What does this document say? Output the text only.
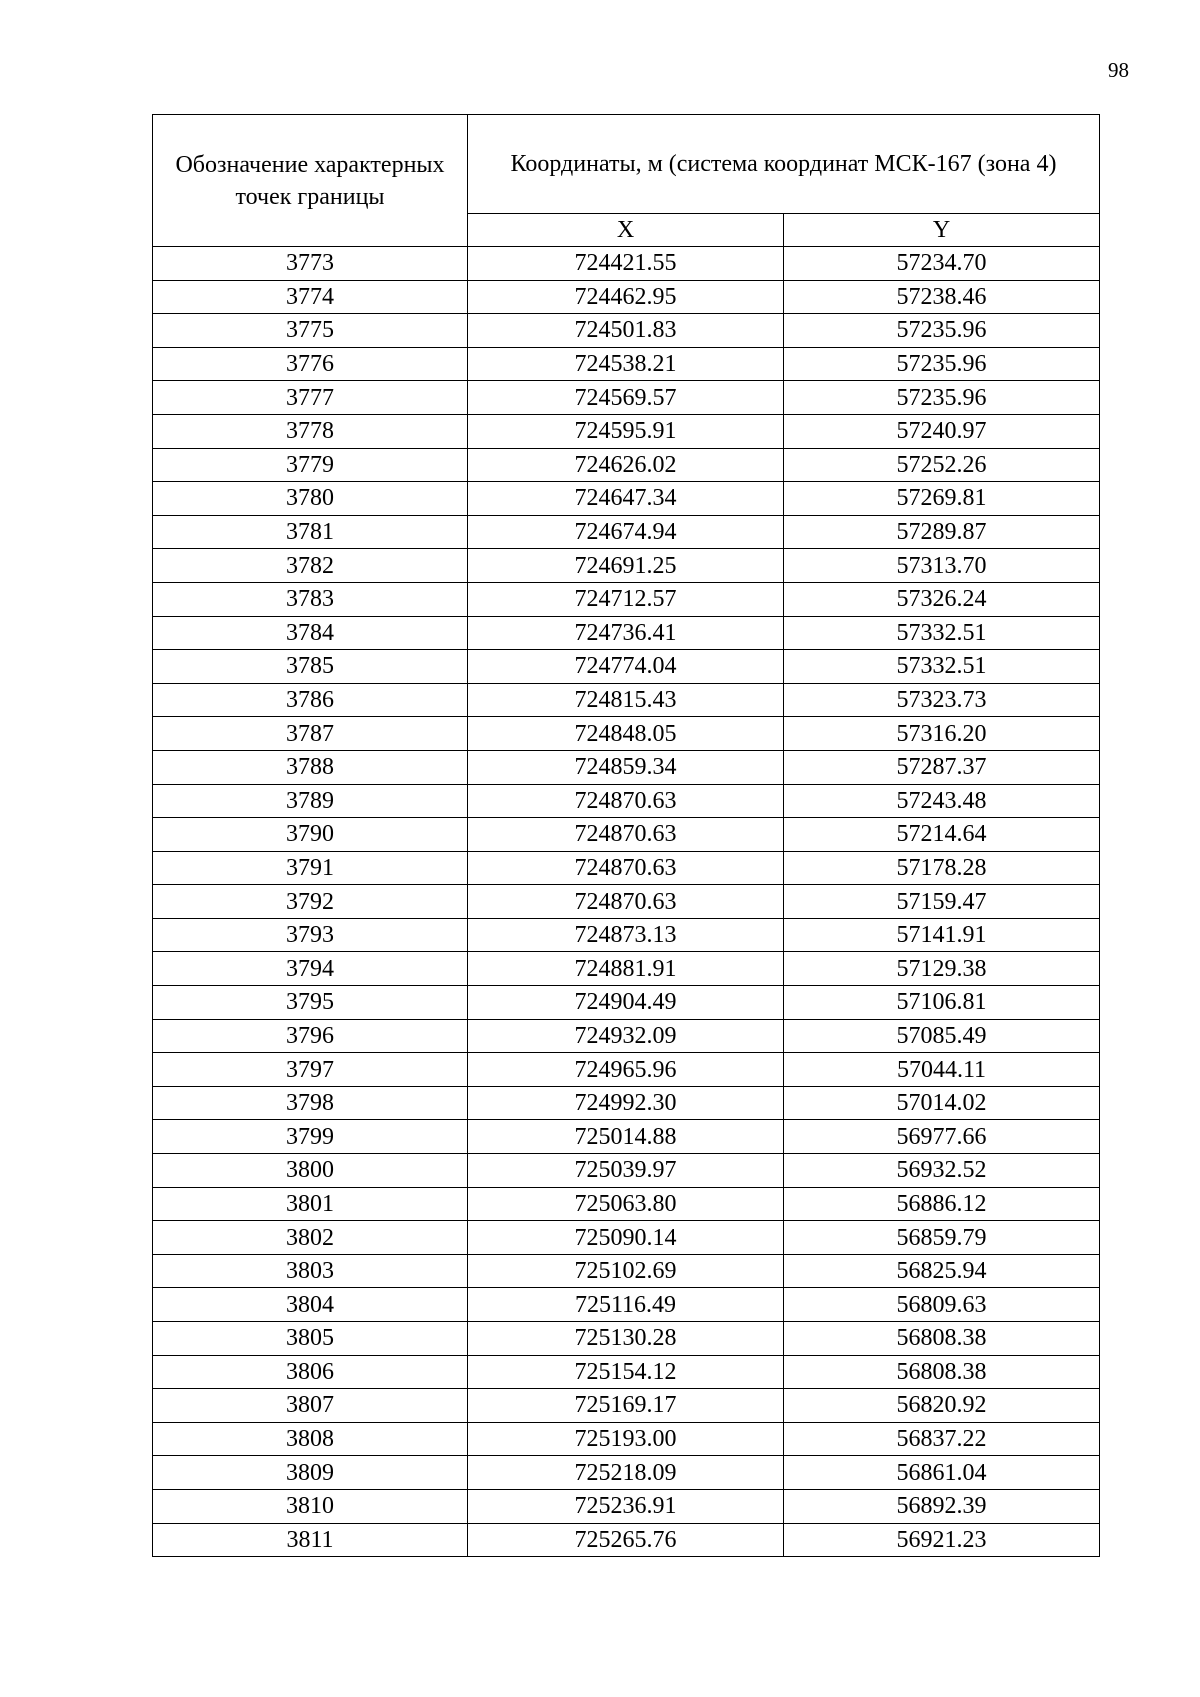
98
Обозначение характерных точек границы	Координаты, м (система координат МСК-167 (зона 4)	
	X	Y
3773	724421.55	57234.70
3774	724462.95	57238.46
3775	724501.83	57235.96
3776	724538.21	57235.96
3777	724569.57	57235.96
3778	724595.91	57240.97
3779	724626.02	57252.26
3780	724647.34	57269.81
3781	724674.94	57289.87
3782	724691.25	57313.70
3783	724712.57	57326.24
3784	724736.41	57332.51
3785	724774.04	57332.51
3786	724815.43	57323.73
3787	724848.05	57316.20
3788	724859.34	57287.37
3789	724870.63	57243.48
3790	724870.63	57214.64
3791	724870.63	57178.28
3792	724870.63	57159.47
3793	724873.13	57141.91
3794	724881.91	57129.38
3795	724904.49	57106.81
3796	724932.09	57085.49
3797	724965.96	57044.11
3798	724992.30	57014.02
3799	725014.88	56977.66
3800	725039.97	56932.52
3801	725063.80	56886.12
3802	725090.14	56859.79
3803	725102.69	56825.94
3804	725116.49	56809.63
3805	725130.28	56808.38
3806	725154.12	56808.38
3807	725169.17	56820.92
3808	725193.00	56837.22
3809	725218.09	56861.04
3810	725236.91	56892.39
3811	725265.76	56921.23
